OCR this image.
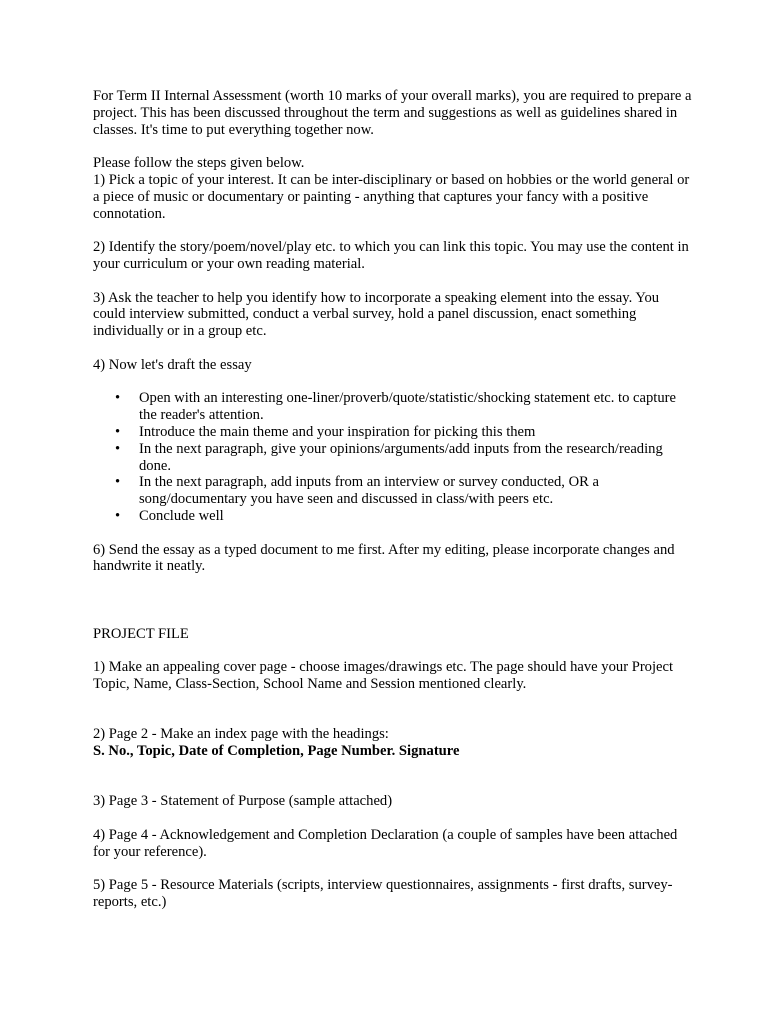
For Term II Internal Assessment (worth 10 marks of your overall marks), you are required to prepare a project. This has been discussed throughout the term and suggestions as well as guidelines shared in classes. It's time to put everything together now.

Please follow the steps given below.

1) Pick a topic of your interest. It can be inter-disciplinary or based on hobbies or the world general or a piece of music or documentary or painting - anything that captures your fancy with a positive connotation.

2) Identify the story/poem/novel/play etc. to which you can link this topic. You may use the content in your curriculum or your own reading material.

3) Ask the teacher to help you identify how to incorporate a speaking element into the essay. You could interview submitted, conduct a verbal survey, hold a panel discussion, enact something individually or in a group etc.

4) Now let's draft the essay

•	Open with an interesting one-liner/proverb/quote/statistic/shocking statement etc. to capture the reader's attention.
•	Introduce the main theme and your inspiration for picking this them
•	In the next paragraph, give your opinions/arguments/add inputs from the research/reading done.
•	In the next paragraph, add inputs from an interview or survey conducted, OR a song/documentary you have seen and discussed in class/with peers etc.
•	Conclude well

6) Send the essay as a typed document to me first. After my editing, please incorporate changes and handwrite it neatly.

PROJECT FILE

1) Make an appealing cover page - choose images/drawings etc. The page should have your Project Topic, Name, Class-Section, School Name and Session mentioned clearly.

2) Page 2 - Make an index page with the headings:

S. No., Topic, Date of Completion, Page Number. Signature

3) Page 3 - Statement of Purpose (sample attached)

4) Page 4 - Acknowledgement and Completion Declaration (a couple of samples have been attached for your reference).

5) Page 5 - Resource Materials (scripts, interview questionnaires, assignments - first drafts, survey-reports, etc.)
